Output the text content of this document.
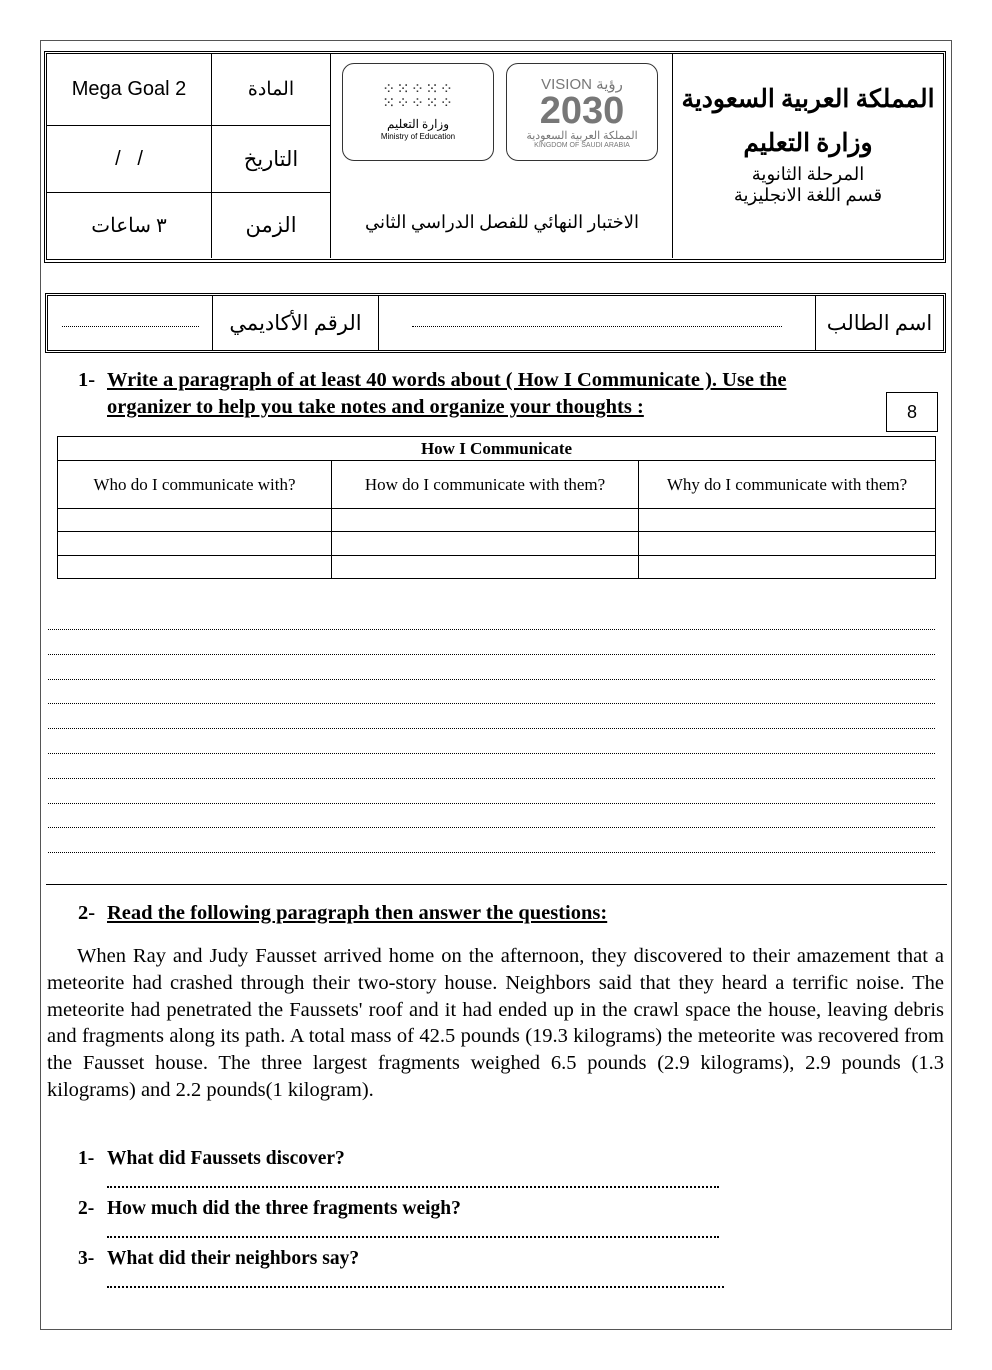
Mega Goal 2	المادة
/   /	التاريخ
٣ ساعات	الزمن
⁘⁙⁘⁙⁘
⁙⁘⁘⁙⁘
وزارة التعليم
Ministry of Education
VISION رؤية
2030
المملكة العربية السعودية
KINGDOM OF SAUDI ARABIA
الاختبار النهائي للفصل الدراسي الثاني
المملكة العربية السعودية
وزارة التعليم
المرحلة الثانوية
قسم اللغة الانجليزية
الرقم الأكاديمي	اسم الطالب
1- Write a paragraph of at least 40 words about ( How I Communicate ). Use the
organizer to help you take notes and organize your thoughts :	8
How I Communicate		
Who do I communicate with?	How do I communicate with them?	Why do I communicate with them?

2- Read the following paragraph then answer the questions:
When Ray and Judy Fausset arrived home on the afternoon, they discovered to their amazement that a meteorite had crashed through their two-story house. Neighbors said that they heard a terrific noise. The meteorite had penetrated the Faussets' roof and it had ended up in the crawl space the house, leaving debris and fragments along its path. A total mass of 42.5 pounds (19.3 kilograms) the meteorite was recovered from the Fausset house. The three largest fragments weighed 6.5 pounds (2.9 kilograms), 2.9 pounds (1.3 kilograms) and 2.2 pounds(1 kilogram).
1- What did Faussets discover?
2- How much did the three fragments weigh?
3- What did their neighbors say?
